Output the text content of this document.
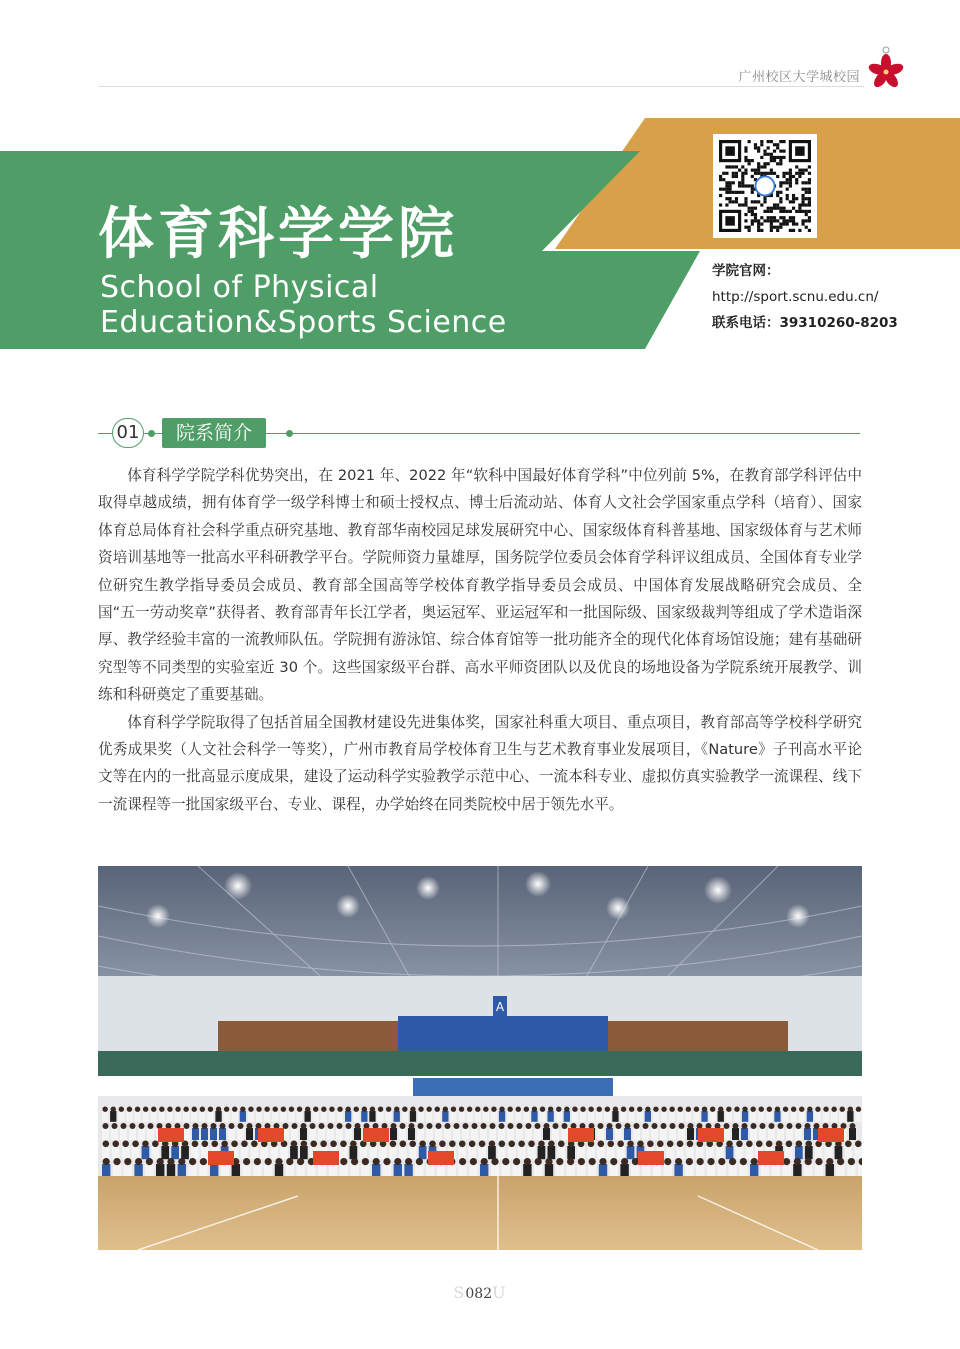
广州校区大学城校园
体育科学学院
School of Physical Education&Sports Science
学院官网：
http://sport.scnu.edu.cn/
联系电话：39310260-8203
01	院系简介

体育科学学院学科优势突出，在 2021 年、2022 年“软科中国最好体育学科”中位列前 5%，在教育部学科评估中取得卓越成绩，拥有体育学一级学科博士和硕士授权点、博士后流动站、体育人文社会学国家重点学科（培育）、国家体育总局体育社会科学重点研究基地、教育部华南校园足球发展研究中心、国家级体育科普基地、国家级体育与艺术师资培训基地等一批高水平科研教学平台。学院师资力量雄厚，国务院学位委员会体育学科评议组成员、全国体育专业学位研究生教学指导委员会成员、教育部全国高等学校体育教学指导委员会成员、中国体育发展战略研究会成员、全国“五一劳动奖章”获得者、教育部青年长江学者，奥运冠军、亚运冠军和一批国际级、国家级裁判等组成了学术造诣深厚、教学经验丰富的一流教师队伍。学院拥有游泳馆、综合体育馆等一批功能齐全的现代化体育场馆设施；建有基础研究型等不同类型的实验室近 30 个。这些国家级平台群、高水平师资团队以及优良的场地设备为学院系统开展教学、训练和科研奠定了重要基础。

体育科学学院取得了包括首届全国教材建设先进集体奖，国家社科重大项目、重点项目，教育部高等学校科学研究优秀成果奖（人文社会科学一等奖），广州市教育局学校体育卫生与艺术教育事业发展项目，《Nature》子刊高水平论文等在内的一批高显示度成果，建设了运动科学实验教学示范中心、一流本科专业、虚拟仿真实验教学一流课程、线下一流课程等一批国家级平台、专业、课程，办学始终在同类院校中居于领先水平。

A
S082U
